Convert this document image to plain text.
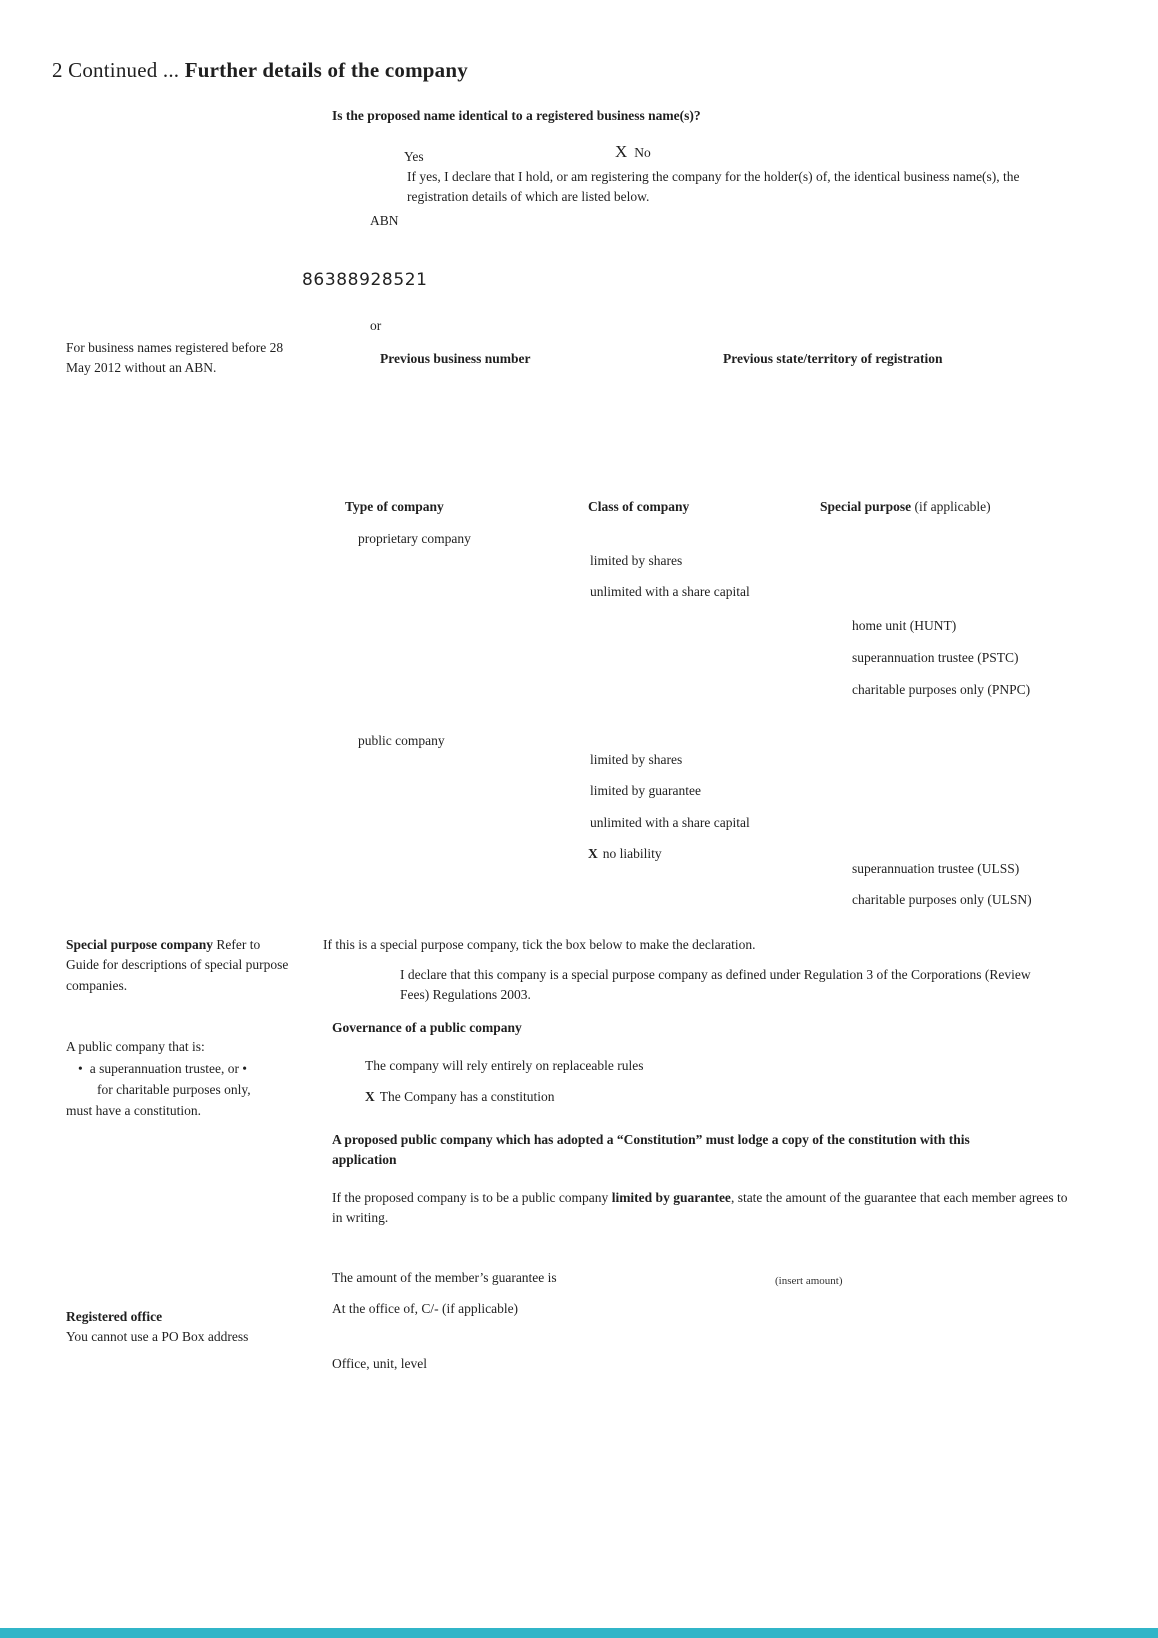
2 Continued ... Further details of the company
Is the proposed name identical to a registered business name(s)?
Yes	X No
If yes, I declare that I hold, or am registering the company for the holder(s) of, the identical business name(s), the registration details of which are listed below.
ABN
86388928521
or
For business names registered before 28 May 2012 without an ABN.
Previous business number	Previous state/territory of registration
Type of company	Class of company	Special purpose (if applicable)
proprietary company
limited by shares
unlimited with a share capital
home unit (HUNT)
superannuation trustee (PSTC)
charitable purposes only (PNPC)
public company
limited by shares
limited by guarantee
unlimited with a share capital
X no liability
superannuation trustee (ULSS)
charitable purposes only (ULSN)
Special purpose company Refer to Guide for descriptions of special purpose companies.
If this is a special purpose company, tick the box below to make the declaration.
I declare that this company is a special purpose company as defined under Regulation 3 of the Corporations (Review Fees) Regulations 2003.
Governance of a public company
A public company that is:
• a superannuation trustee, or •
for charitable purposes only,
must have a constitution.
The company will rely entirely on replaceable rules
X The Company has a constitution
A proposed public company which has adopted a “Constitution” must lodge a copy of the constitution with this application
If the proposed company is to be a public company limited by guarantee, state the amount of the guarantee that each member agrees to in writing.
The amount of the member’s guarantee is	(insert amount)
Registered office
You cannot use a PO Box address
At the office of, C/- (if applicable)
Office, unit, level
